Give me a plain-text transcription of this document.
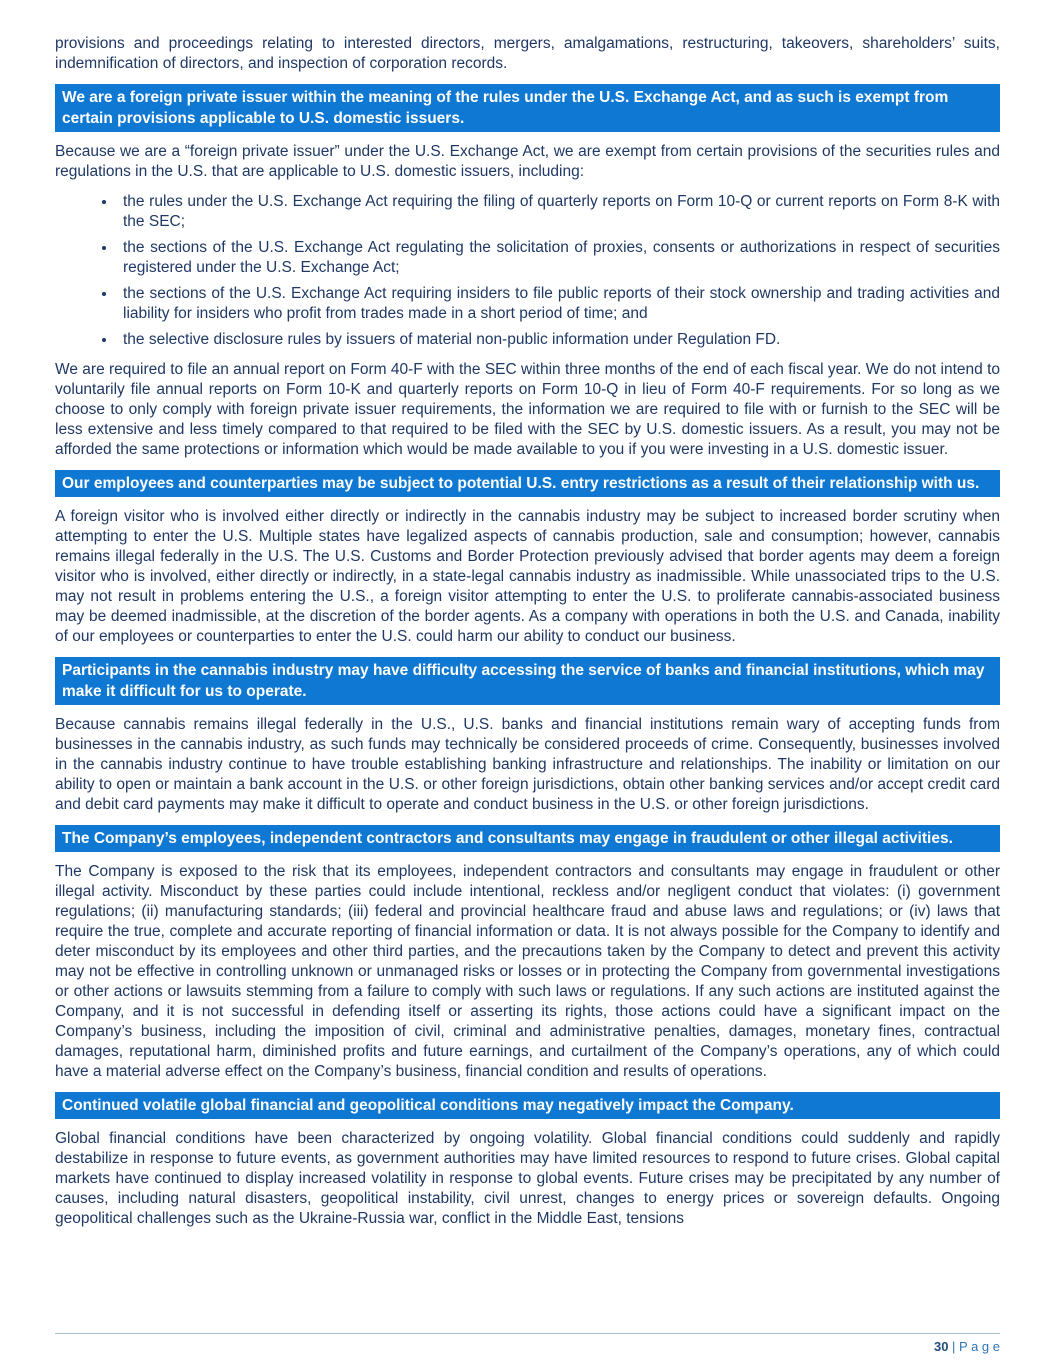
provisions and proceedings relating to interested directors, mergers, amalgamations, restructuring, takeovers, shareholders’ suits, indemnification of directors, and inspection of corporation records.

We are a foreign private issuer within the meaning of the rules under the U.S. Exchange Act, and as such is exempt from certain provisions applicable to U.S. domestic issuers.

Because we are a “foreign private issuer” under the U.S. Exchange Act, we are exempt from certain provisions of the securities rules and regulations in the U.S. that are applicable to U.S. domestic issuers, including:

• the rules under the U.S. Exchange Act requiring the filing of quarterly reports on Form 10-Q or current reports on Form 8-K with the SEC;
• the sections of the U.S. Exchange Act regulating the solicitation of proxies, consents or authorizations in respect of securities registered under the U.S. Exchange Act;
• the sections of the U.S. Exchange Act requiring insiders to file public reports of their stock ownership and trading activities and liability for insiders who profit from trades made in a short period of time; and
• the selective disclosure rules by issuers of material non-public information under Regulation FD.

We are required to file an annual report on Form 40-F with the SEC within three months of the end of each fiscal year. We do not intend to voluntarily file annual reports on Form 10-K and quarterly reports on Form 10-Q in lieu of Form 40-F requirements. For so long as we choose to only comply with foreign private issuer requirements, the information we are required to file with or furnish to the SEC will be less extensive and less timely compared to that required to be filed with the SEC by U.S. domestic issuers. As a result, you may not be afforded the same protections or information which would be made available to you if you were investing in a U.S. domestic issuer.

Our employees and counterparties may be subject to potential U.S. entry restrictions as a result of their relationship with us.

A foreign visitor who is involved either directly or indirectly in the cannabis industry may be subject to increased border scrutiny when attempting to enter the U.S. Multiple states have legalized aspects of cannabis production, sale and consumption; however, cannabis remains illegal federally in the U.S. The U.S. Customs and Border Protection previously advised that border agents may deem a foreign visitor who is involved, either directly or indirectly, in a state-legal cannabis industry as inadmissible. While unassociated trips to the U.S. may not result in problems entering the U.S., a foreign visitor attempting to enter the U.S. to proliferate cannabis-associated business may be deemed inadmissible, at the discretion of the border agents. As a company with operations in both the U.S. and Canada, inability of our employees or counterparties to enter the U.S. could harm our ability to conduct our business.

Participants in the cannabis industry may have difficulty accessing the service of banks and financial institutions, which may make it difficult for us to operate.

Because cannabis remains illegal federally in the U.S., U.S. banks and financial institutions remain wary of accepting funds from businesses in the cannabis industry, as such funds may technically be considered proceeds of crime. Consequently, businesses involved in the cannabis industry continue to have trouble establishing banking infrastructure and relationships. The inability or limitation on our ability to open or maintain a bank account in the U.S. or other foreign jurisdictions, obtain other banking services and/or accept credit card and debit card payments may make it difficult to operate and conduct business in the U.S. or other foreign jurisdictions.

The Company’s employees, independent contractors and consultants may engage in fraudulent or other illegal activities.

The Company is exposed to the risk that its employees, independent contractors and consultants may engage in fraudulent or other illegal activity. Misconduct by these parties could include intentional, reckless and/or negligent conduct that violates: (i) government regulations; (ii) manufacturing standards; (iii) federal and provincial healthcare fraud and abuse laws and regulations; or (iv) laws that require the true, complete and accurate reporting of financial information or data. It is not always possible for the Company to identify and deter misconduct by its employees and other third parties, and the precautions taken by the Company to detect and prevent this activity may not be effective in controlling unknown or unmanaged risks or losses or in protecting the Company from governmental investigations or other actions or lawsuits stemming from a failure to comply with such laws or regulations. If any such actions are instituted against the Company, and it is not successful in defending itself or asserting its rights, those actions could have a significant impact on the Company’s business, including the imposition of civil, criminal and administrative penalties, damages, monetary fines, contractual damages, reputational harm, diminished profits and future earnings, and curtailment of the Company’s operations, any of which could have a material adverse effect on the Company’s business, financial condition and results of operations.

Continued volatile global financial and geopolitical conditions may negatively impact the Company.

Global financial conditions have been characterized by ongoing volatility. Global financial conditions could suddenly and rapidly destabilize in response to future events, as government authorities may have limited resources to respond to future crises. Global capital markets have continued to display increased volatility in response to global events. Future crises may be precipitated by any number of causes, including natural disasters, geopolitical instability, civil unrest, changes to energy prices or sovereign defaults. Ongoing geopolitical challenges such as the Ukraine-Russia war, conflict in the Middle East, tensions

30 | P a g e
